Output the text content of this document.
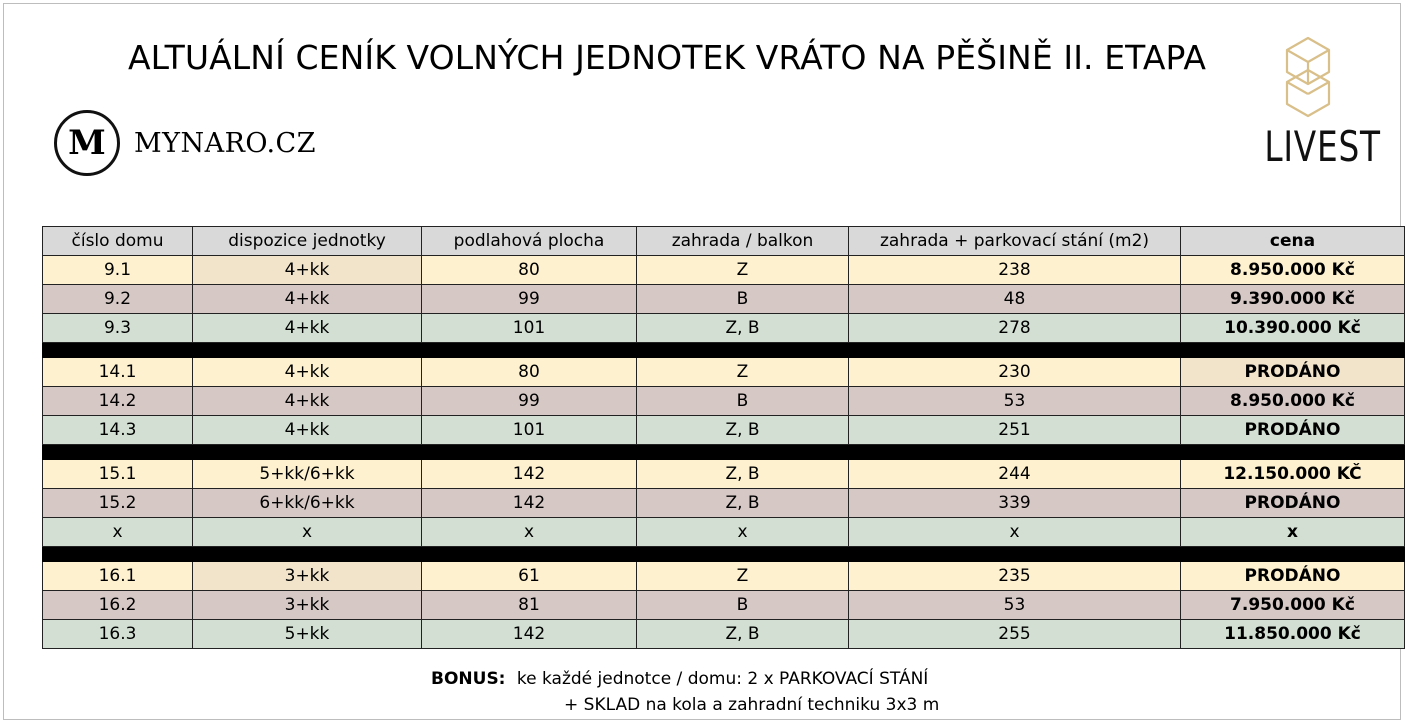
ALTUÁLNÍ CENÍK VOLNÝCH JEDNOTEK VRÁTO NA PĚŠINĚ II. ETAPA
M	MYNARO.CZ	LIVEST
číslo domu	dispozice jednotky	podlahová plocha	zahrada / balkon	zahrada + parkovací stání (m2)	cena
9.1	4+kk	80	Z	238	8.950.000 Kč
9.2	4+kk	99	B	48	9.390.000 Kč
9.3	4+kk	101	Z, B	278	10.390.000 Kč

14.1	4+kk	80	Z	230	PRODÁNO
14.2	4+kk	99	B	53	8.950.000 Kč
14.3	4+kk	101	Z, B	251	PRODÁNO

15.1	5+kk/6+kk	142	Z, B	244	12.150.000 KČ
15.2	6+kk/6+kk	142	Z, B	339	PRODÁNO
x	x	x	x	x	x

16.1	3+kk	61	Z	235	PRODÁNO
16.2	3+kk	81	B	53	7.950.000 Kč
16.3	5+kk	142	Z, B	255	11.850.000 Kč
BONUS: ke každé jednotce / domu: 2 x PARKOVACÍ STÁNÍ
+ SKLAD na kola a zahradní techniku 3x3 m
